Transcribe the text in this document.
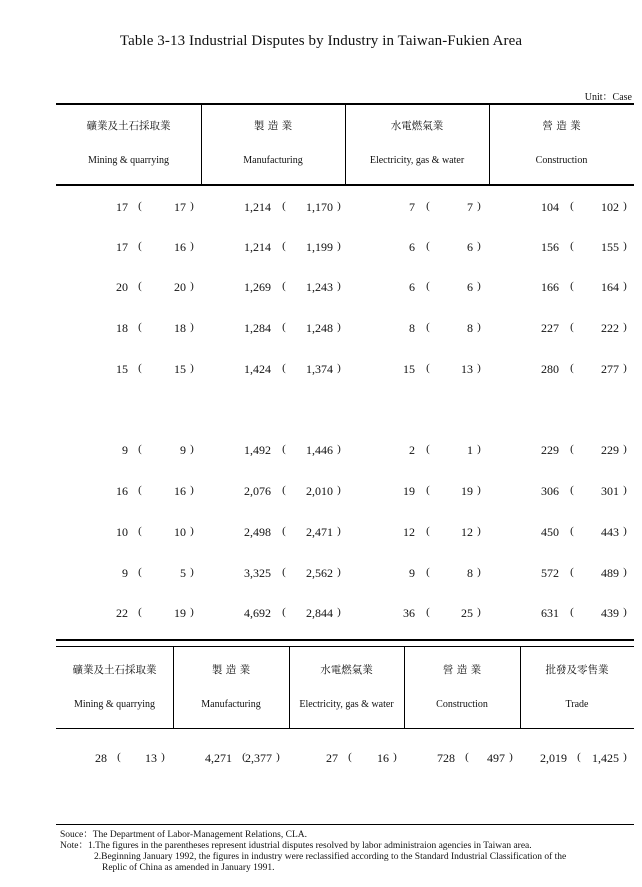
Table 3-13 Industrial Disputes by Industry in Taiwan-Fukien Area
Unit：Case
礦業及土石採取業
Mining & quarrying
製 造 業
Manufacturing
水電燃氣業
Electricity, gas & water
營 造 業
Construction
17 (	17 )	1,214 (	1,170 )	7 (	7 )	104 (	102 )
17 (	16 )	1,214 (	1,199 )	6 (	6 )	156 (	155 )
20 (	20 )	1,269 (	1,243 )	6 (	6 )	166 (	164 )
18 (	18 )	1,284 (	1,248 )	8 (	8 )	227 (	222 )
15 (	15 )	1,424 (	1,374 )	15 (	13 )	280 (	277 )
9 (	9 )	1,492 (	1,446 )	2 (	1 )	229 (	229 )
16 (	16 )	2,076 (	2,010 )	19 (	19 )	306 (	301 )
10 (	10 )	2,498 (	2,471 )	12 (	12 )	450 (	443 )
9 (	5 )	3,325 (	2,562 )	9 (	8 )	572 (	489 )
22 (	19 )	4,692 (	2,844 )	36 (	25 )	631 (	439 )
礦業及土石採取業
Mining & quarrying
製 造 業
Manufacturing
水電燃氣業
Electricity, gas & water
營 造 業
Construction
批發及零售業
Trade
28 (	13 )	4,271 ( 2,377 )	27 (	16 )	728 (	497 )	2,019 ( 1,425 )
Souce：The Department of Labor-Management Relations, CLA.
Note：1.The figures in the parentheses represent idustrial disputes resolved by labor administraion agencies in Taiwan area.
2.Beginning January 1992, the figures in industry were reclassified according to the Standard Industrial Classification of the
Replic of China as amended in January 1991.
